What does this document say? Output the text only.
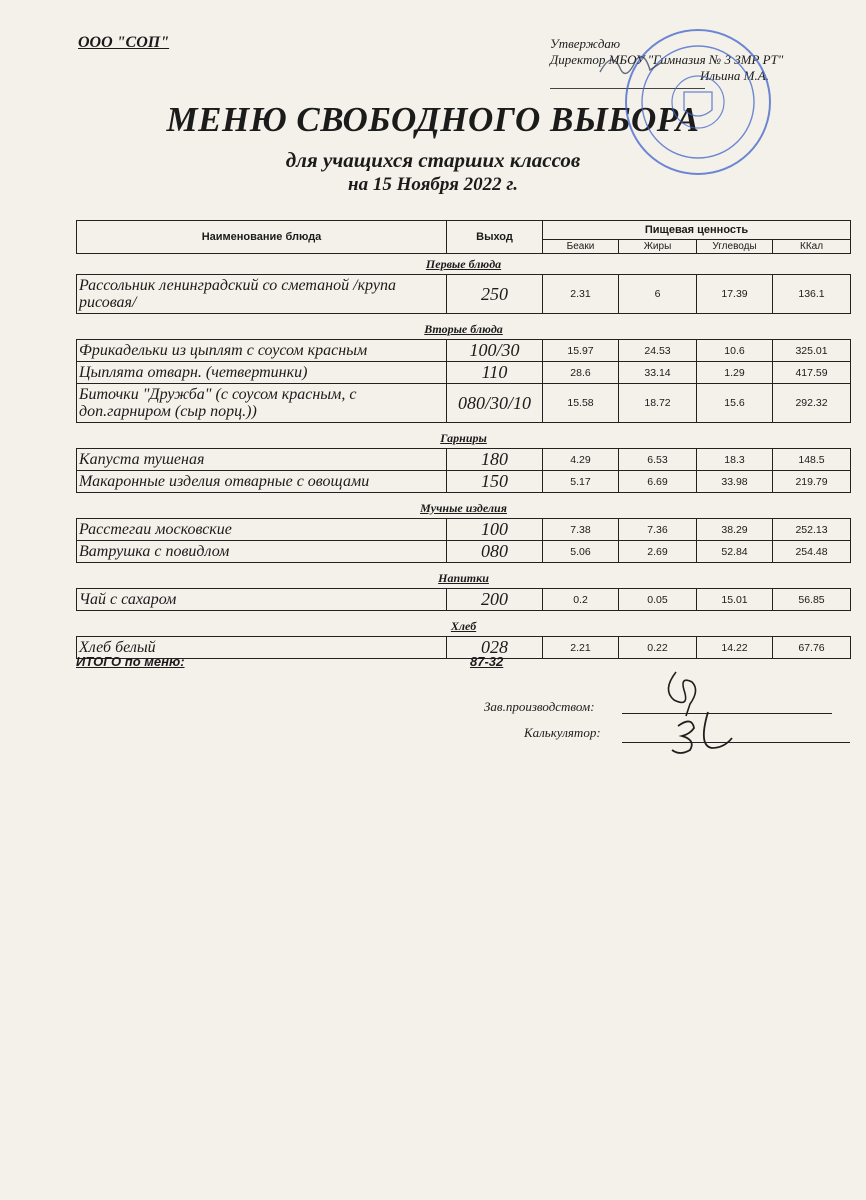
ООО "СОП"	Утверждаю
Директор МБОУ "Гимназия № 3 ЗМР РТ"
Ильина М.А.
МЕНЮ СВОБОДНОГО ВЫБОРА
для учащихся старших классов
на 15 Ноября 2022 г.
Наименование блюда	Выход	Пищевая ценность			
		Беаки	Жиры	Углеводы	ККал
Первые блюда					
Рассольник ленинградский со сметаной /крупа рисовая/	250	2.31	6	17.39	136.1

Вторые блюда					
Фрикадельки из цыплят с соусом красным	100/30	15.97	24.53	10.6	325.01
Цыплята отварн. (четвертинки)	110	28.6	33.14	1.29	417.59
Биточки "Дружба" (с соусом красным, с доп.гарниром (сыр порц.))	080/30/10	15.58	18.72	15.6	292.32

Гарниры					
Капуста тушеная	180	4.29	6.53	18.3	148.5
Макаронные изделия отварные с овощами	150	5.17	6.69	33.98	219.79

Мучные изделия					
Расстегаи московские	100	7.38	7.36	38.29	252.13
Ватрушка с повидлом	080	5.06	2.69	52.84	254.48

Напитки					
Чай с сахаром	200	0.2	0.05	15.01	56.85

Хлеб					
Хлеб белый	028	2.21	0.22	14.22	67.76
ИТОГО по меню:	87-32
Зав.производством:
Калькулятор:
